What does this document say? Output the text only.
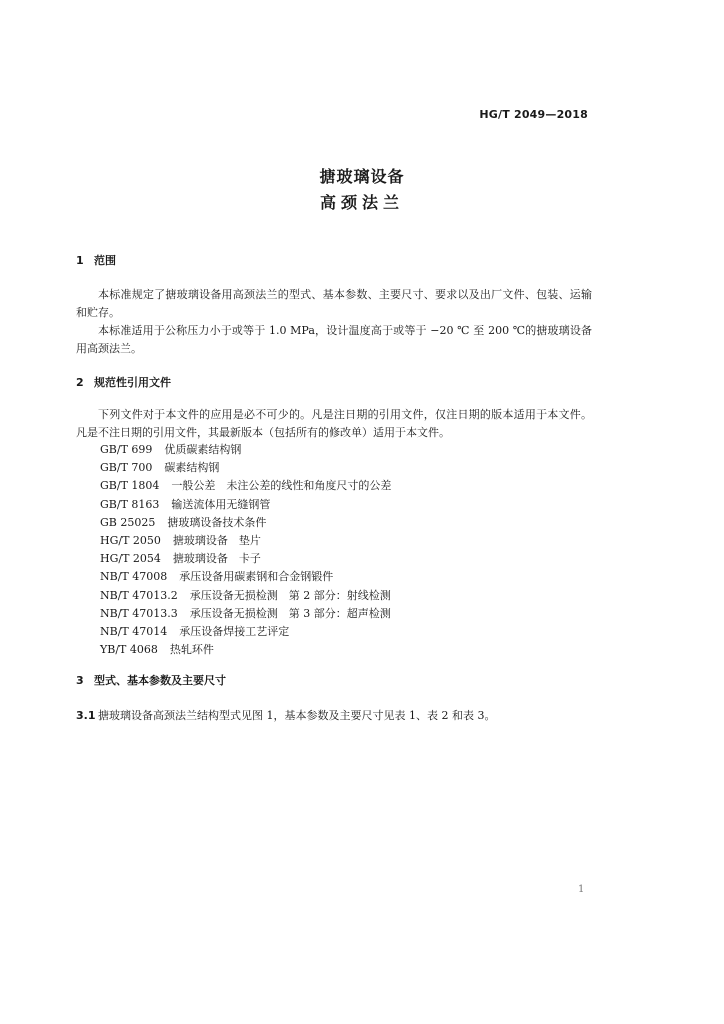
HG/T 2049—2018
搪玻璃设备
高颈法兰
1 范围

本标准规定了搪玻璃设备用高颈法兰的型式、基本参数、主要尺寸、要求以及出厂文件、包装、运输和贮存。

本标准适用于公称压力小于或等于 1.0 MPa，设计温度高于或等于 −20 ℃ 至 200 ℃的搪玻璃设备用高颈法兰。

2 规范性引用文件

下列文件对于本文件的应用是必不可少的。凡是注日期的引用文件，仅注日期的版本适用于本文件。凡是不注日期的引用文件，其最新版本（包括所有的修改单）适用于本文件。

GB/T 699 优质碳素结构钢
GB/T 700 碳素结构钢
GB/T 1804 一般公差　未注公差的线性和角度尺寸的公差
GB/T 8163 输送流体用无缝钢管
GB 25025 搪玻璃设备技术条件
HG/T 2050 搪玻璃设备　垫片
HG/T 2054 搪玻璃设备　卡子
NB/T 47008 承压设备用碳素钢和合金钢锻件
NB/T 47013.2 承压设备无损检测　第 2 部分：射线检测
NB/T 47013.3 承压设备无损检测　第 3 部分：超声检测
NB/T 47014 承压设备焊接工艺评定
YB/T 4068 热轧环件
3 型式、基本参数及主要尺寸
3.1 搪玻璃设备高颈法兰结构型式见图 1，基本参数及主要尺寸见表 1、表 2 和表 3。
1
